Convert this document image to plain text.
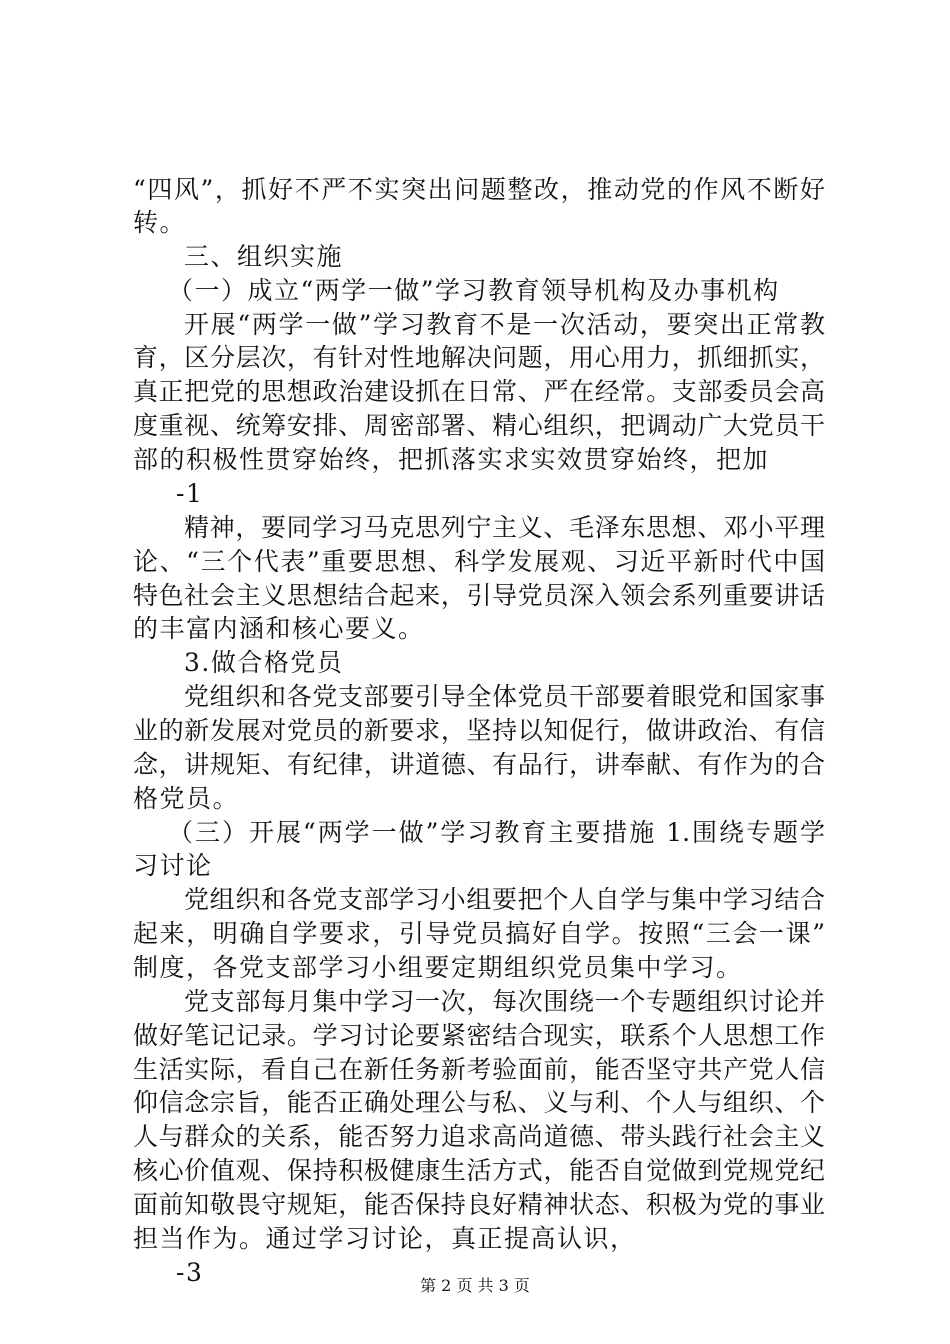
“四风”，抓好不严不实突出问题整改，推动党的作风不断好
转。
三、组织实施
（一）成立“两学一做”学习教育领导机构及办事机构
开展“两学一做”学习教育不是一次活动，要突出正常教
育，区分层次，有针对性地解决问题，用心用力，抓细抓实，
真正把党的思想政治建设抓在日常、严在经常。支部委员会高
度重视、统筹安排、周密部署、精心组织，把调动广大党员干
部的积极性贯穿始终，把抓落实求实效贯穿始终，把加
-1
精神，要同学习马克思列宁主义、毛泽东思想、邓小平理
论、“三个代表”重要思想、科学发展观、习近平新时代中国
特色社会主义思想结合起来，引导党员深入领会系列重要讲话
的丰富内涵和核心要义。
3.做合格党员
党组织和各党支部要引导全体党员干部要着眼党和国家事
业的新发展对党员的新要求，坚持以知促行，做讲政治、有信
念，讲规矩、有纪律，讲道德、有品行，讲奉献、有作为的合
格党员。
（三）开展“两学一做”学习教育主要措施 1.围绕专题学
习讨论
党组织和各党支部学习小组要把个人自学与集中学习结合
起来，明确自学要求，引导党员搞好自学。按照“三会一课”
制度，各党支部学习小组要定期组织党员集中学习。
党支部每月集中学习一次，每次围绕一个专题组织讨论并
做好笔记记录。学习讨论要紧密结合现实，联系个人思想工作
生活实际，看自己在新任务新考验面前，能否坚守共产党人信
仰信念宗旨，能否正确处理公与私、义与利、个人与组织、个
人与群众的关系，能否努力追求高尚道德、带头践行社会主义
核心价值观、保持积极健康生活方式，能否自觉做到党规党纪
面前知敬畏守规矩，能否保持良好精神状态、积极为党的事业
担当作为。通过学习讨论，真正提高认识，
-3	第 2 页 共 3 页
